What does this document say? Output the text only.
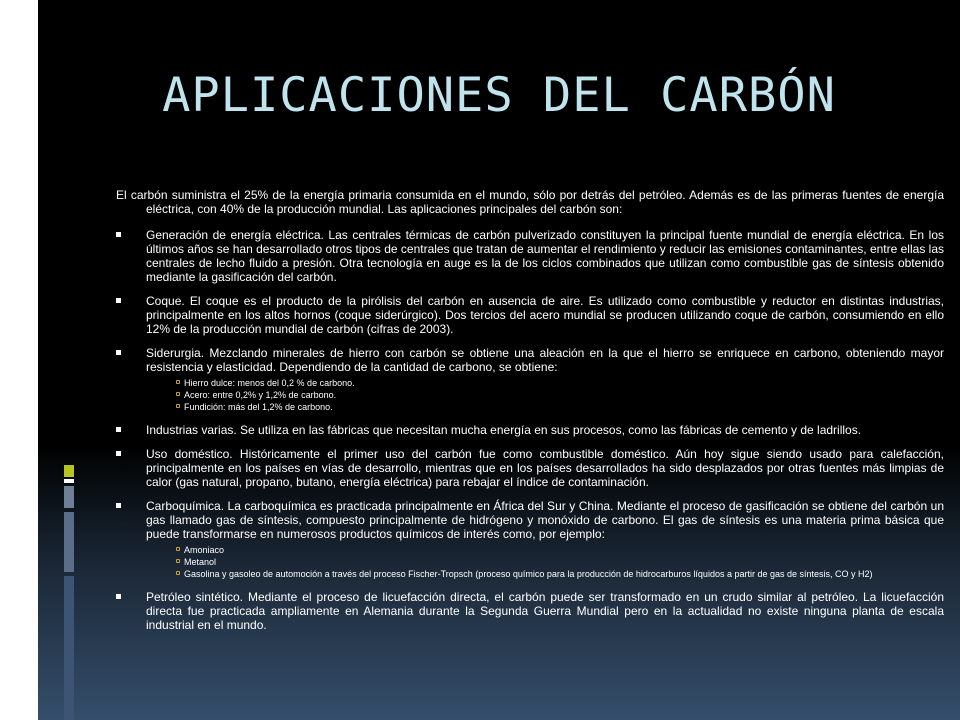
APLICACIONES DEL CARBÓN
El carbón suministra el 25% de la energía primaria consumida en el mundo, sólo por detrás del petróleo. Además es de las primeras fuentes de energía eléctrica, con 40% de la producción mundial. Las aplicaciones principales del carbón son:
Generación de energía eléctrica. Las centrales térmicas de carbón pulverizado constituyen la principal fuente mundial de energía eléctrica. En los últimos años se han desarrollado otros tipos de centrales que tratan de aumentar el rendimiento y reducir las emisiones contaminantes, entre ellas las centrales de lecho fluido a presión. Otra tecnología en auge es la de los ciclos combinados que utilizan como combustible gas de síntesis obtenido mediante la gasificación del carbón.
Coque. El coque es el producto de la pirólisis del carbón en ausencia de aire. Es utilizado como combustible y reductor en distintas industrias, principalmente en los altos hornos (coque siderúrgico). Dos tercios del acero mundial se producen utilizando coque de carbón, consumiendo en ello 12% de la producción mundial de carbón (cifras de 2003).
Siderurgia. Mezclando minerales de hierro con carbón se obtiene una aleación en la que el hierro se enriquece en carbono, obteniendo mayor resistencia y elasticidad. Dependiendo de la cantidad de carbono, se obtiene:
Hierro dulce: menos del 0,2 % de carbono.
Acero: entre 0,2% y 1,2% de carbono.
Fundición: más del 1,2% de carbono.
Industrias varias. Se utiliza en las fábricas que necesitan mucha energía en sus procesos, como las fábricas de cemento y de ladrillos.
Uso doméstico. Históricamente el primer uso del carbón fue como combustible doméstico. Aún hoy sigue siendo usado para calefacción, principalmente en los países en vías de desarrollo, mientras que en los países desarrollados ha sido desplazados por otras fuentes más limpias de calor (gas natural, propano, butano, energía eléctrica) para rebajar el índice de contaminación.
Carboquímica. La carboquímica es practicada principalmente en África del Sur y China. Mediante el proceso de gasificación se obtiene del carbón un gas llamado gas de síntesis, compuesto principalmente de hidrógeno y monóxido de carbono. El gas de síntesis es una materia prima básica que puede transformarse en numerosos productos químicos de interés como, por ejemplo:
Amoniaco
Metanol
Gasolina y gasoleo de automoción a través del proceso Fischer-Tropsch (proceso químico para la producción de hidrocarburos líquidos a partir de gas de síntesis, CO y H2)
Petróleo sintético. Mediante el proceso de licuefacción directa, el carbón puede ser transformado en un crudo similar al petróleo. La licuefacción directa fue practicada ampliamente en Alemania durante la Segunda Guerra Mundial pero en la actualidad no existe ninguna planta de escala industrial en el mundo.
